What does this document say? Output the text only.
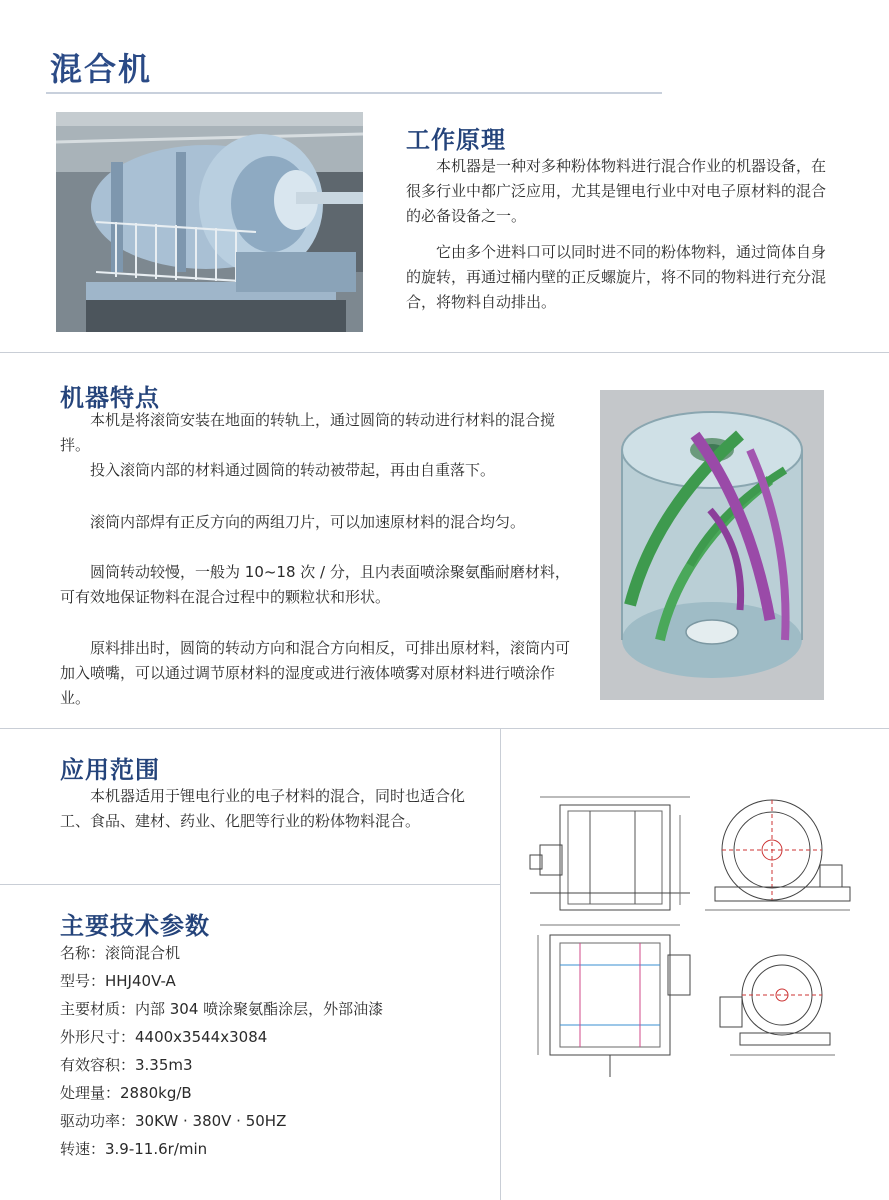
混合机
工作原理

本机器是一种对多种粉体物料进行混合作业的机器设备，在很多行业中都广泛应用，尤其是锂电行业中对电子原材料的混合的必备设备之一。

它由多个进料口可以同时进不同的粉体物料，通过筒体自身的旋转，再通过桶内壁的正反螺旋片，将不同的物料进行充分混合，将物料自动排出。

机器特点

本机是将滚筒安装在地面的转轨上，通过圆筒的转动进行材料的混合搅拌。

投入滚筒内部的材料通过圆筒的转动被带起，再由自重落下。

滚筒内部焊有正反方向的两组刀片，可以加速原材料的混合均匀。

圆筒转动较慢，一般为 10~18 次 / 分，且内表面喷涂聚氨酯耐磨材料，可有效地保证物料在混合过程中的颗粒状和形状。

原料排出时，圆筒的转动方向和混合方向相反，可排出原材料，滚筒内可加入喷嘴，可以通过调节原材料的湿度或进行液体喷雾对原材料进行喷涂作业。

应用范围

本机器适用于锂电行业的电子材料的混合，同时也适合化工、食品、建材、药业、化肥等行业的粉体物料混合。

主要技术参数
名称：滚筒混合机
型号：HHJ40V-A
主要材质：内部 304 喷涂聚氨酯涂层，外部油漆
外形尺寸：4400x3544x3084
有效容积：3.35m3
处理量：2880kg/B
驱动功率：30KW · 380V · 50HZ
转速：3.9-11.6r/min
